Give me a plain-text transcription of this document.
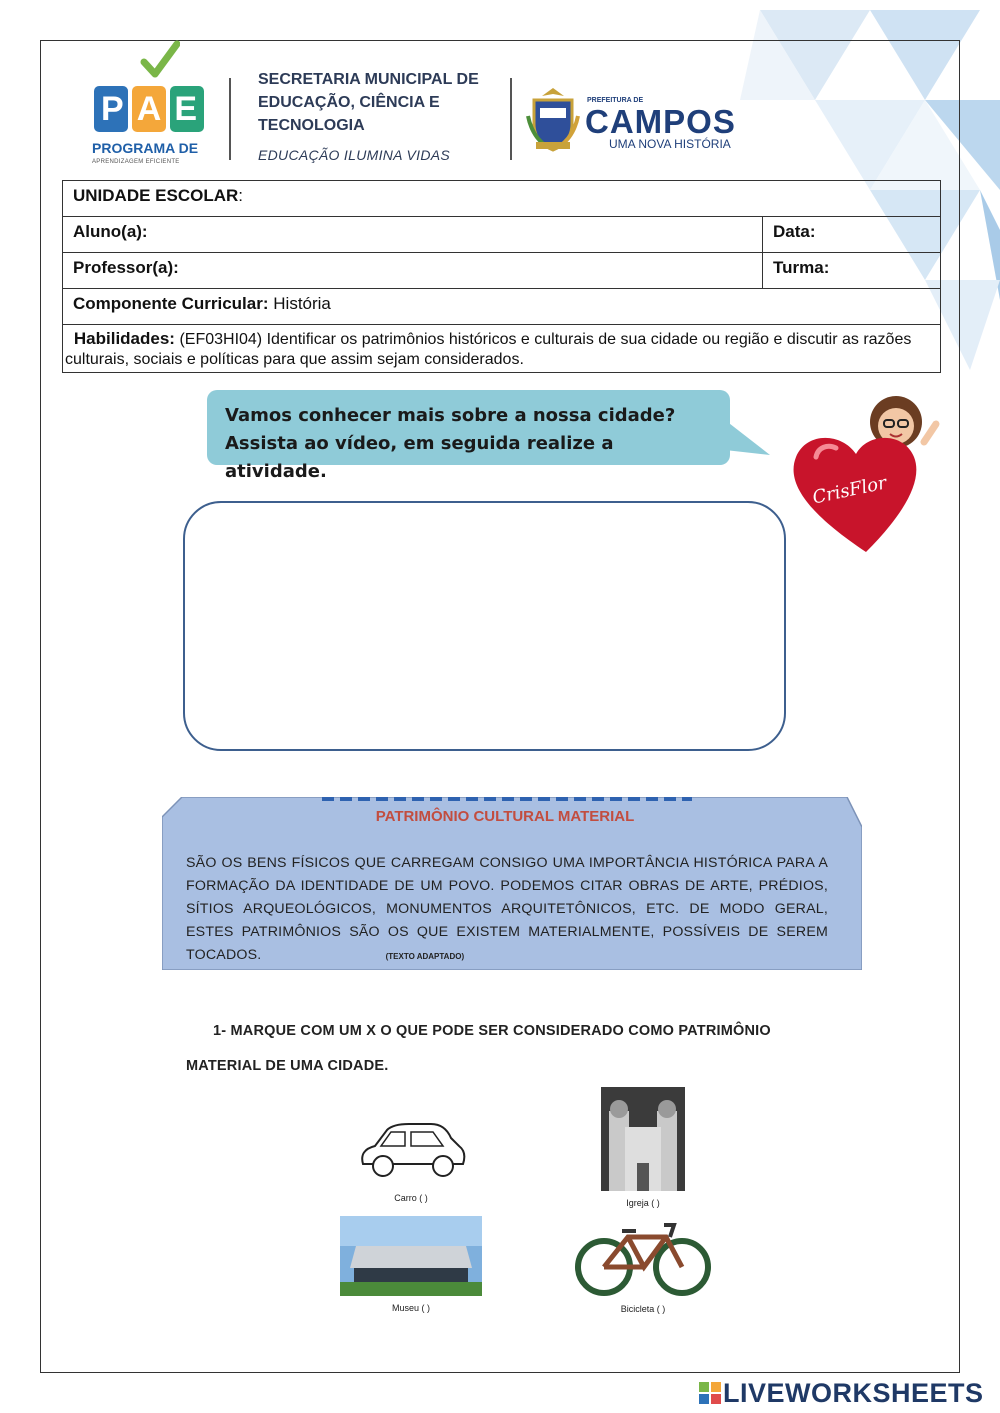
P A E
PROGRAMA DE
APRENDIZAGEM EFICIENTE
SECRETARIA MUNICIPAL DE EDUCAÇÃO, CIÊNCIA E TECNOLOGIA
EDUCAÇÃO ILUMINA VIDAS
PREFEITURA DE
CAMPOS
UMA NOVA HISTÓRIA
UNIDADE ESCOLAR:	
Aluno(a):	Data:
Professor(a):	Turma:
Componente Curricular: História	
Habilidades: (EF03HI04) Identificar os patrimônios históricos e culturais de sua cidade ou região e discutir as razões culturais, sociais e políticas para que assim sejam considerados.	
Vamos conhecer mais sobre a nossa cidade?
Assista ao vídeo, em seguida realize a atividade.
CrisFlor
PATRIMÔNIO CULTURAL MATERIAL
SÃO OS BENS FÍSICOS QUE CARREGAM CONSIGO UMA IMPORTÂNCIA HISTÓRICA PARA A FORMAÇÃO DA IDENTIDADE DE UM POVO. PODEMOS CITAR OBRAS DE ARTE, PRÉDIOS, SÍTIOS ARQUEOLÓGICOS, MONUMENTOS ARQUITETÔNICOS, ETC. DE MODO GERAL, ESTES PATRIMÔNIOS SÃO OS QUE EXISTEM MATERIALMENTE, POSSÍVEIS DE SEREM TOCADOS.	(TEXTO ADAPTADO)
1- MARQUE COM UM X O QUE PODE SER CONSIDERADO COMO PATRIMÔNIO
MATERIAL DE UMA CIDADE.
Carro ( )	Igreja ( )
Museu ( )	Bicicleta ( )
LIVEWORKSHEETS
